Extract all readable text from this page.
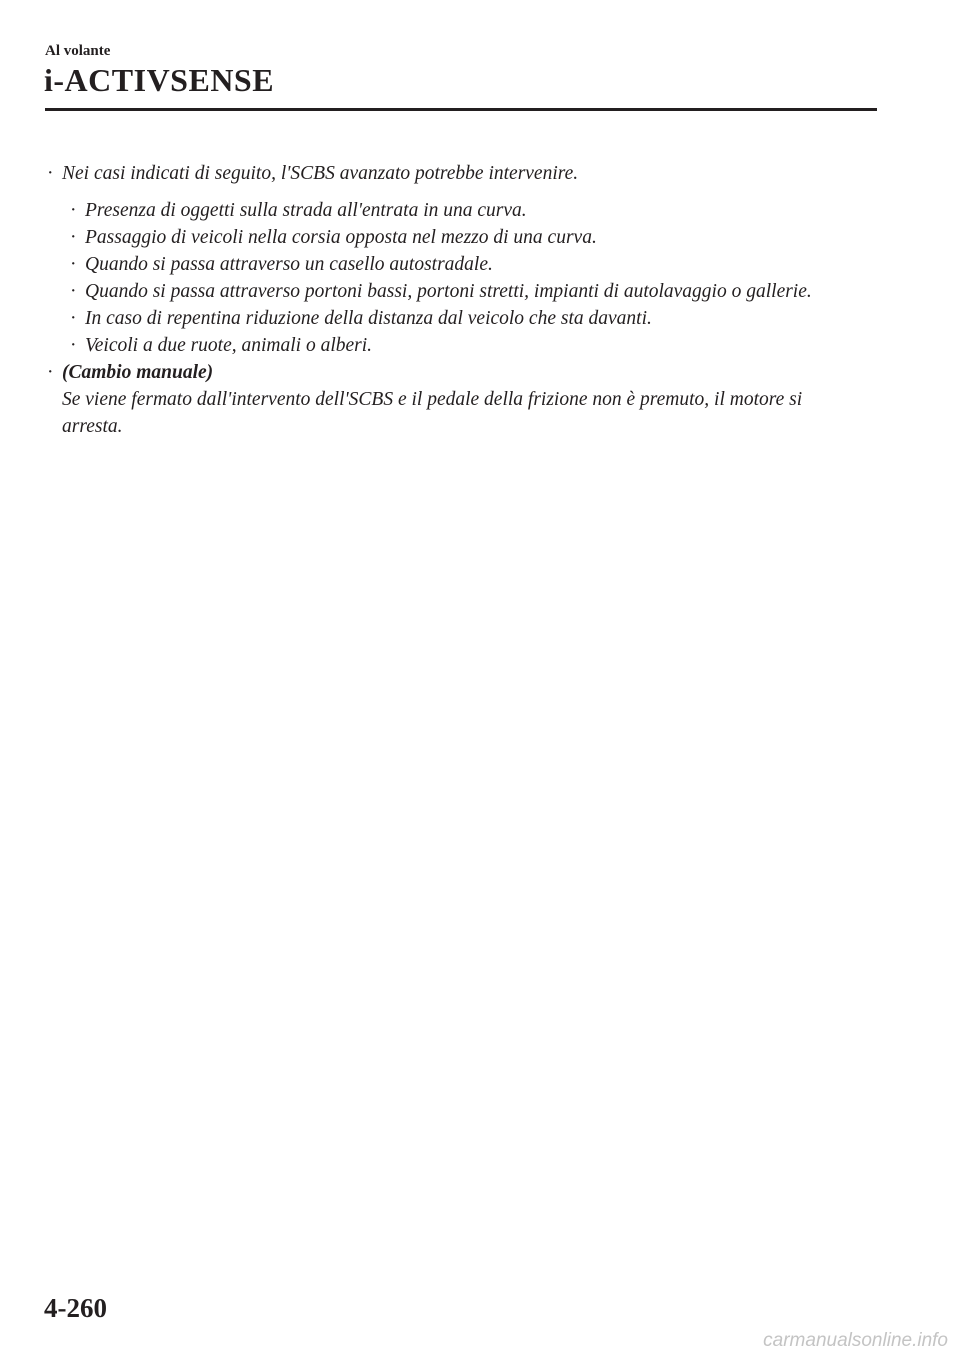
Al volante
i-ACTIVSENSE
· Nei casi indicati di seguito, l'SCBS avanzato potrebbe intervenire.
· Presenza di oggetti sulla strada all'entrata in una curva.
· Passaggio di veicoli nella corsia opposta nel mezzo di una curva.
· Quando si passa attraverso un casello autostradale.
· Quando si passa attraverso portoni bassi, portoni stretti, impianti di autolavaggio o gallerie.
· In caso di repentina riduzione della distanza dal veicolo che sta davanti.
· Veicoli a due ruote, animali o alberi.
· (Cambio manuale)
Se viene fermato dall'intervento dell'SCBS e il pedale della frizione non è premuto, il motore si arresta.
4-260
carmanualsonline.info
